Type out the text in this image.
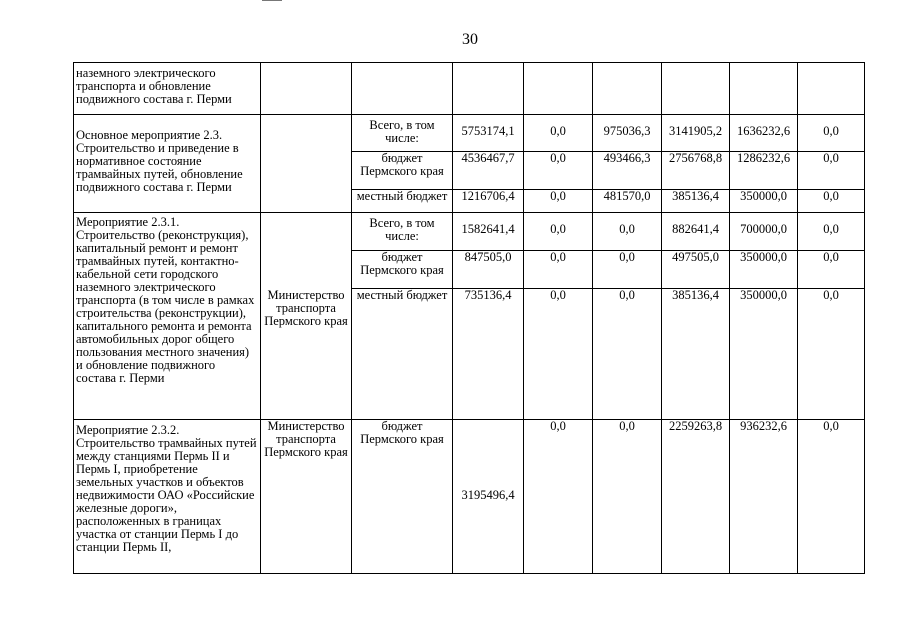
30
наземного электрического транспорта и обновление подвижного состава г. Перми								
Основное мероприятие 2.3. Строительство и приведение в нормативное состояние трамвайных путей, обновление подвижного состава г. Перми		Всего, в том числе:	5753174,1	0,0	975036,3	3141905,2	1636232,6	0,0
		бюджет Пермского края	4536467,7	0,0	493466,3	2756768,8	1286232,6	0,0
		местный бюджет	1216706,4	0,0	481570,0	385136,4	350000,0	0,0
Мероприятие 2.3.1. Строительство (реконструкция), капитальный ремонт и ремонт трамвайных путей, контактно-кабельной сети городского наземного электрического транспорта (в том числе в рамках строительства (реконструкции), капитального ремонта и ремонта автомобильных дорог общего пользования местного значения) и обновление подвижного состава г. Перми	Министерство транспорта Пермского края	Всего, в том числе:	1582641,4	0,0	0,0	882641,4	700000,0	0,0
		бюджет Пермского края	847505,0	0,0	0,0	497505,0	350000,0	0,0
		местный бюджет	735136,4	0,0	0,0	385136,4	350000,0	0,0
Мероприятие 2.3.2. Строительство трамвайных путей между станциями Пермь II и Пермь I, приобретение земельных участков и объектов недвижимости ОАО «Российские железные дороги», расположенных в границах участка от станции Пермь I до станции Пермь II,	Министерство транспорта Пермского края	бюджет Пермского края	3195496,4	0,0	0,0	2259263,8	936232,6	0,0
